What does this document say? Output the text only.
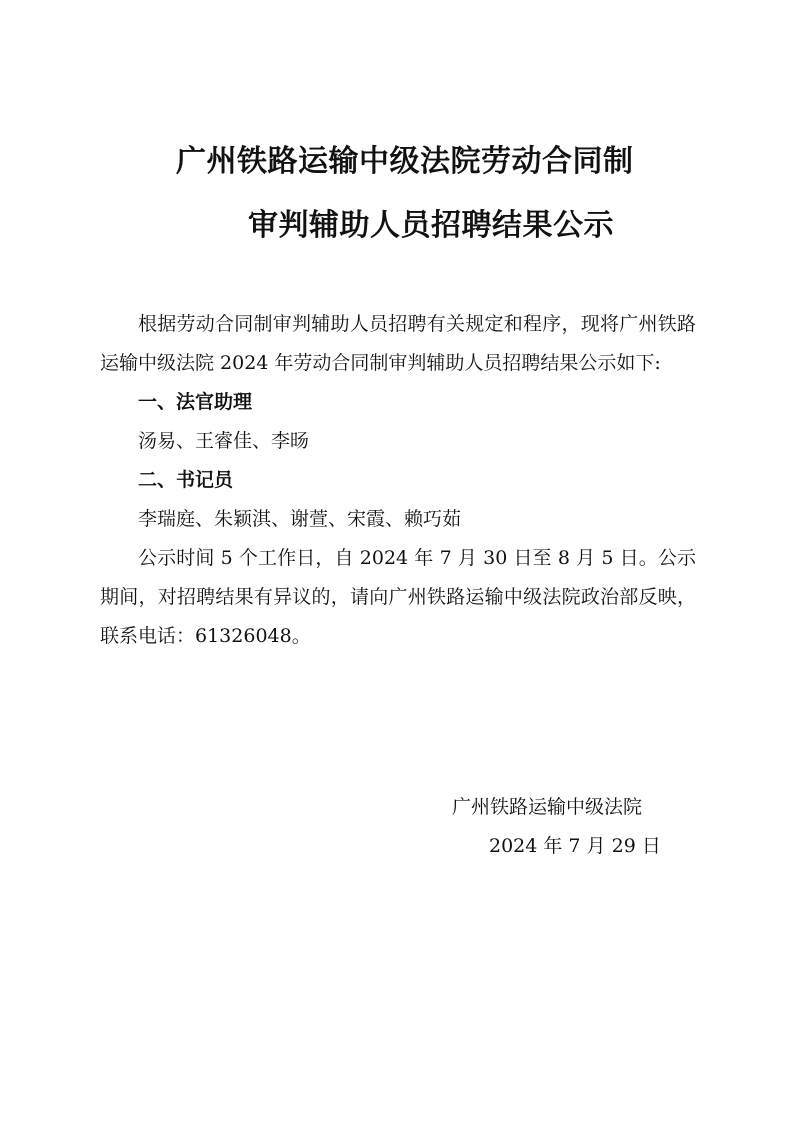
广州铁路运输中级法院劳动合同制
审判辅助人员招聘结果公示

根据劳动合同制审判辅助人员招聘有关规定和程序，现将广州铁路运输中级法院 2024 年劳动合同制审判辅助人员招聘结果公示如下:

一、法官助理

汤易、王睿佳、李旸

二、书记员

李瑞庭、朱颖淇、谢萱、宋霞、赖巧茹

公示时间 5 个工作日，自 2024 年 7 月 30 日至 8 月 5 日。公示期间，对招聘结果有异议的，请向广州铁路运输中级法院政治部反映，联系电话：61326048。

广州铁路运输中级法院
2024 年 7 月 29 日
